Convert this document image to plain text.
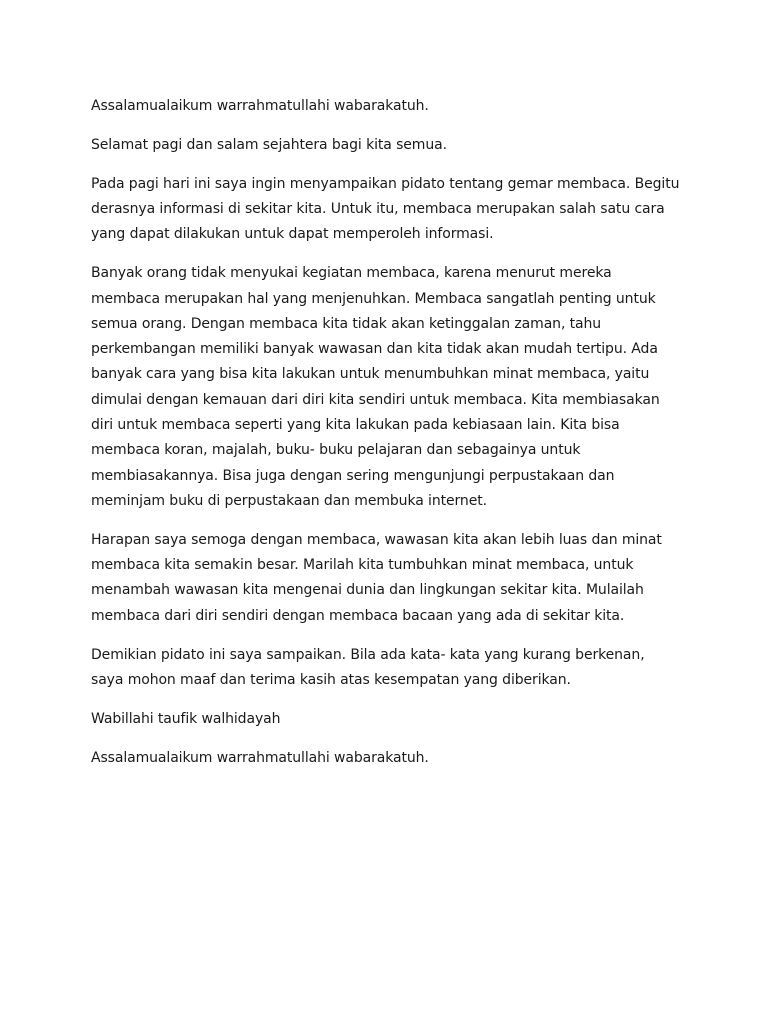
Assalamualaikum warrahmatullahi wabarakatuh.

Selamat pagi dan salam sejahtera bagi kita semua.

Pada pagi hari ini saya ingin menyampaikan pidato tentang gemar membaca. Begitu derasnya informasi di sekitar kita. Untuk itu, membaca merupakan salah satu cara yang dapat dilakukan untuk dapat memperoleh informasi.

Banyak orang tidak menyukai kegiatan membaca, karena menurut mereka membaca merupakan hal yang menjenuhkan. Membaca sangatlah penting untuk semua orang. Dengan membaca kita tidak akan ketinggalan zaman, tahu perkembangan memiliki banyak wawasan dan kita tidak akan mudah tertipu. Ada banyak cara yang bisa kita lakukan untuk menumbuhkan minat membaca, yaitu dimulai dengan kemauan dari diri kita sendiri untuk membaca. Kita membiasakan diri untuk membaca seperti yang kita lakukan pada kebiasaan lain. Kita bisa membaca koran, majalah, buku- buku pelajaran dan sebagainya untuk membiasakannya. Bisa juga dengan sering mengunjungi perpustakaan dan meminjam buku di perpustakaan dan membuka internet.

Harapan saya semoga dengan membaca, wawasan kita akan lebih luas dan minat membaca kita semakin besar. Marilah kita tumbuhkan minat membaca, untuk menambah wawasan kita mengenai dunia dan lingkungan sekitar kita. Mulailah membaca dari diri sendiri dengan membaca bacaan yang ada di sekitar kita.

Demikian pidato ini saya sampaikan. Bila ada kata- kata yang kurang berkenan, saya mohon maaf dan terima kasih atas kesempatan yang diberikan.

Wabillahi taufik walhidayah

Assalamualaikum warrahmatullahi wabarakatuh.
